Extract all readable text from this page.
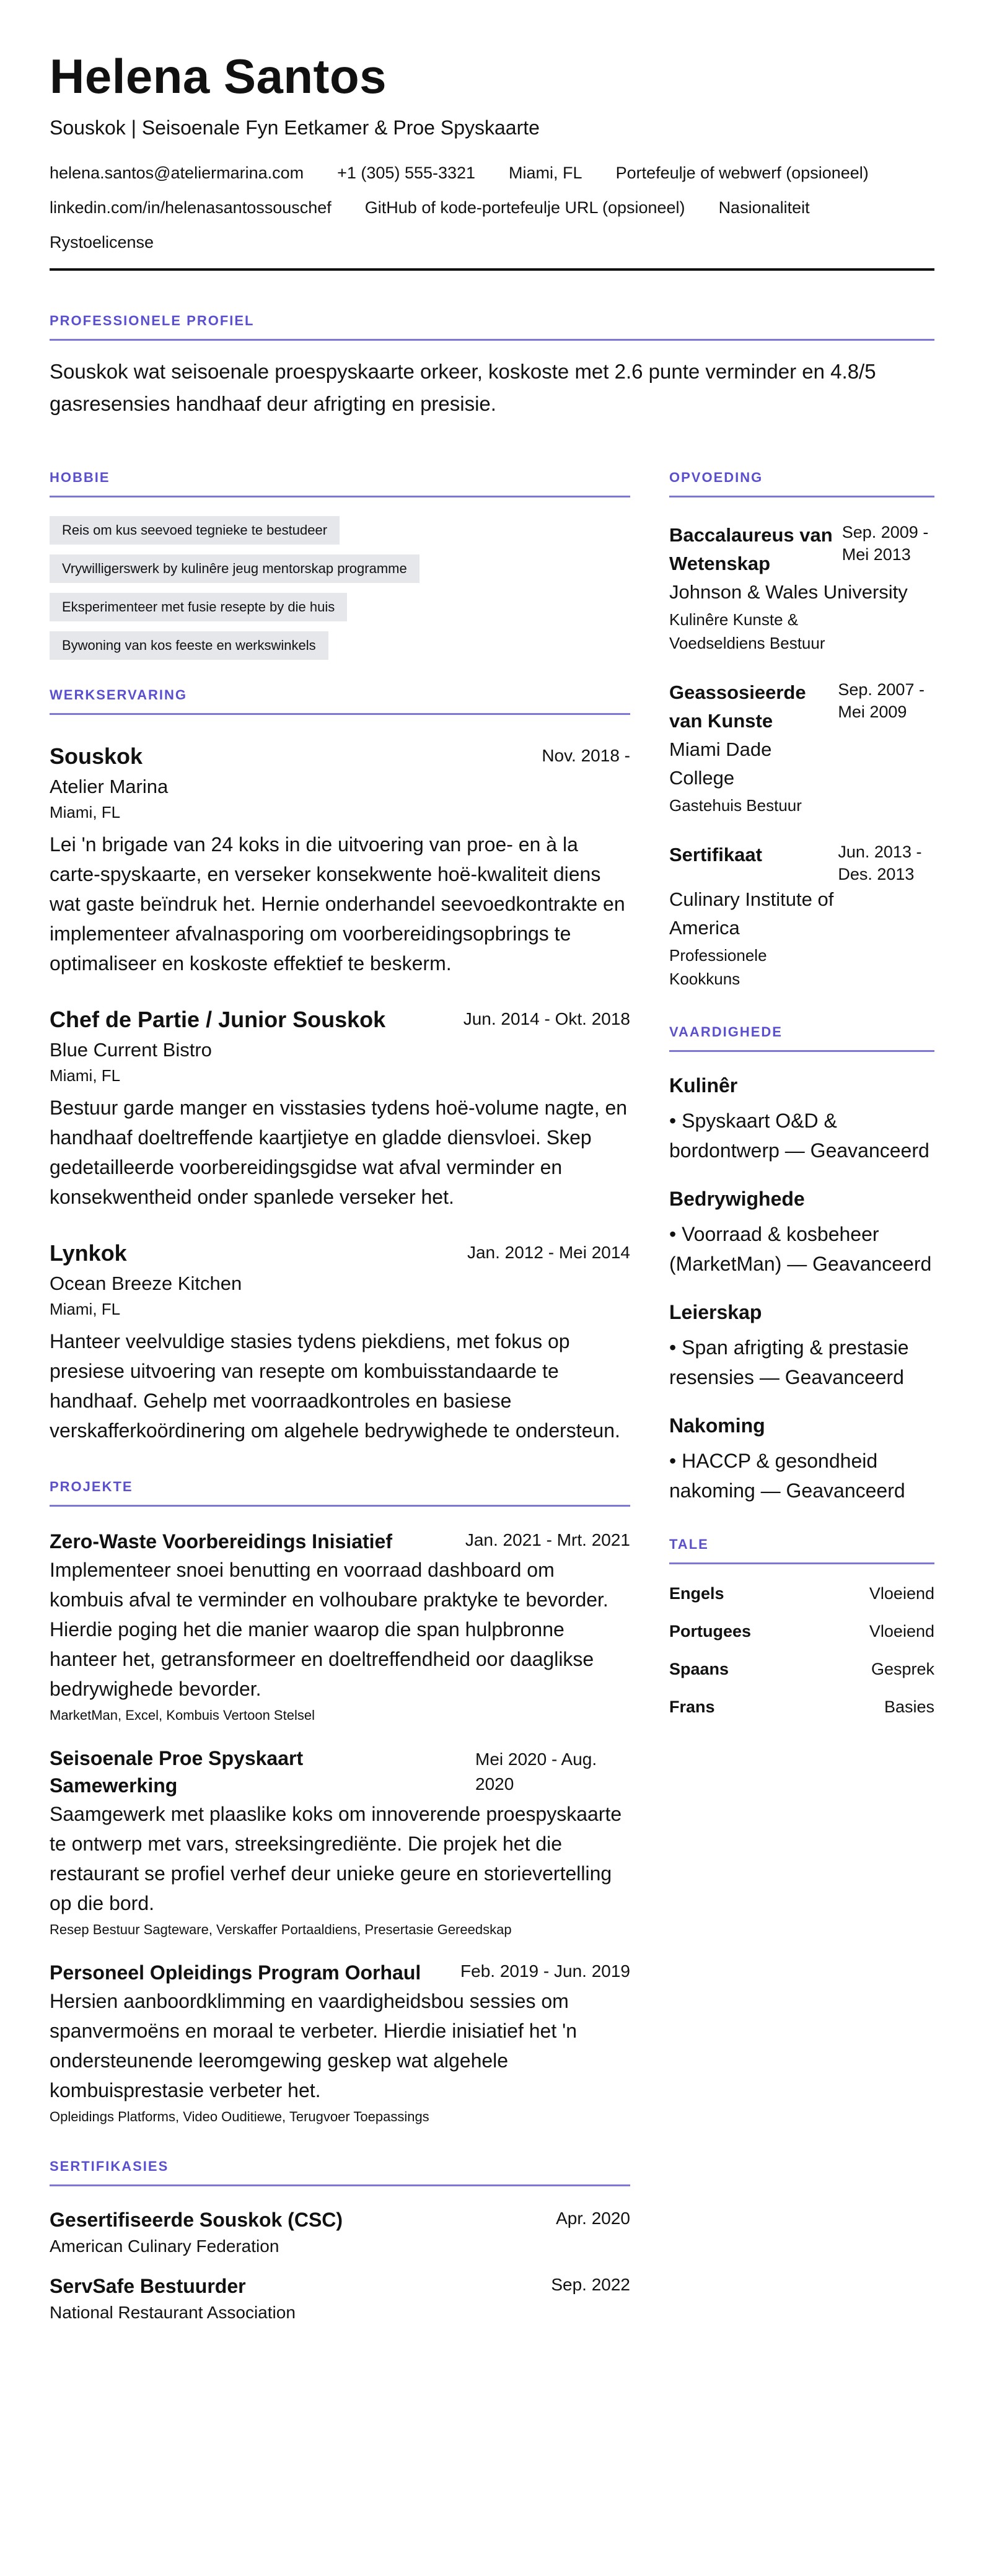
Helena Santos
Souskok | Seisoenale Fyn Eetkamer & Proe Spyskaarte
helena.santos@ateliermarina.com +1 (305) 555-3321 Miami, FL Portefeulje of webwerf (opsioneel)
linkedin.com/in/helenasantossouschef GitHub of kode-portefeulje URL (opsioneel) Nasionaliteit
Rystoelicense
PROFESSIONELE PROFIEL

Souskok wat seisoenale proespyskaarte orkeer, koskoste met 2.6 punte verminder en 4.8/5 gasresensies handhaaf deur afrigting en presisie.

HOBBIE
Reis om kus seevoed tegnieke te bestudeer
Vrywilligerswerk by kulinêre jeug mentorskap programme
Eksperimenteer met fusie resepte by die huis
Bywoning van kos feeste en werkswinkels
WERKSERVARING
Souskok	Nov. 2018 -
Atelier Marina
Miami, FL

Lei 'n brigade van 24 koks in die uitvoering van proe- en à la carte-spyskaarte, en verseker konsekwente hoë-kwaliteit diens wat gaste beïndruk het. Hernie onderhandel seevoedkontrakte en implementeer afvalnasporing om voorbereidingsopbrings te optimaliseer en koskoste effektief te beskerm.

Chef de Partie / Junior Souskok	Jun. 2014 - Okt. 2018
Blue Current Bistro
Miami, FL

Bestuur garde manger en visstasies tydens hoë-volume nagte, en handhaaf doeltreffende kaartjietye en gladde diensvloei. Skep gedetailleerde voorbereidingsgidse wat afval verminder en konsekwentheid onder spanlede verseker het.

Lynkok	Jan. 2012 - Mei 2014
Ocean Breeze Kitchen
Miami, FL

Hanteer veelvuldige stasies tydens piekdiens, met fokus op presiese uitvoering van resepte om kombuisstandaarde te handhaaf. Gehelp met voorraadkontroles en basiese verskafferkoördinering om algehele bedrywighede te ondersteun.

PROJEKTE
Zero-Waste Voorbereidings Inisiatief	Jan. 2021 - Mrt. 2021

Implementeer snoei benutting en voorraad dashboard om kombuis afval te verminder en volhoubare praktyke te bevorder. Hierdie poging het die manier waarop die span hulpbronne hanteer het, getransformeer en doeltreffendheid oor daaglikse bedrywighede bevorder.

MarketMan, Excel, Kombuis Vertoon Stelsel
Seisoenale Proe Spyskaart Samewerking
Mei 2020 - Aug. 2020

Saamgewerk met plaaslike koks om innoverende proespyskaarte te ontwerp met vars, streeksingrediënte. Die projek het die restaurant se profiel verhef deur unieke geure en storievertelling op die bord.

Resep Bestuur Sagteware, Verskaffer Portaaldiens, Presertasie Gereedskap
Personeel Opleidings Program Oorhaul Feb. 2019 - Jun. 2019

Hersien aanboordklimming en vaardigheidsbou sessies om spanvermoëns en moraal te verbeter. Hierdie inisiatief het 'n ondersteunende leeromgewing geskep wat algehele kombuisprestasie verbeter het.

Opleidings Platforms, Video Ouditiewe, Terugvoer Toepassings
SERTIFIKASIES
Gesertifiseerde Souskok (CSC)	Apr. 2020
American Culinary Federation
ServSafe Bestuurder	Sep. 2022
National Restaurant Association
OPVOEDING
Baccalaureus van Wetenskap
Sep. 2009 - Mei 2013
Johnson & Wales University
Kulinêre Kunste & Voedseldiens Bestuur
Geassosieerde van Kunste
Sep. 2007 - Mei 2009
Miami Dade College
Gastehuis Bestuur
Sertifikaat	Jun. 2013 - Des. 2013
Culinary Institute of America
Professionele Kookkuns
VAARDIGHEDE
Kulinêr
• Spyskaart O&D & bordontwerp — Geavanceerd
Bedrywighede
• Voorraad & kosbeheer (MarketMan) — Geavanceerd
Leierskap
• Span afrigting & prestasie resensies — Geavanceerd
Nakoming
• HACCP & gesondheid nakoming — Geavanceerd
TALE
Engels	Vloeiend
Portugees	Vloeiend
Spaans	Gesprek
Frans	Basies
